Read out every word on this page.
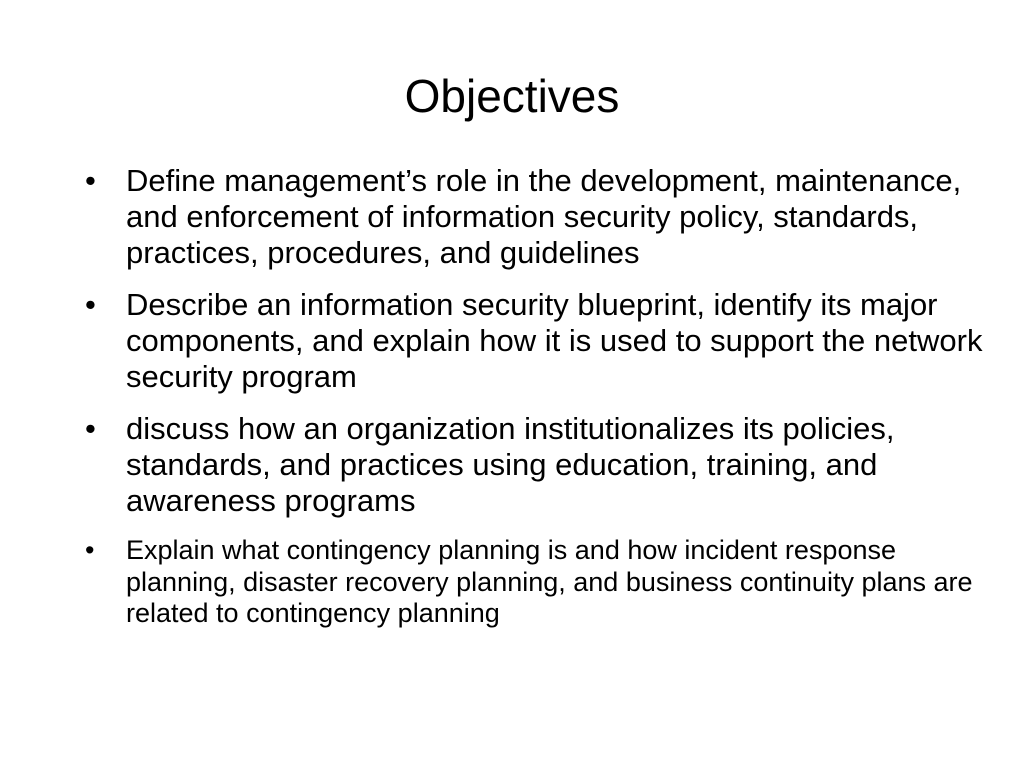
Objectives
• Define management’s role in the development, maintenance, and enforcement of information security policy, standards, practices, procedures, and guidelines
• Describe an information security blueprint, identify its major components, and explain how it is used to support the network security program
• discuss how an organization institutionalizes its policies, standards, and practices using education, training, and awareness programs
• Explain what contingency planning is and how incident response planning, disaster recovery planning, and business continuity plans are related to contingency planning
